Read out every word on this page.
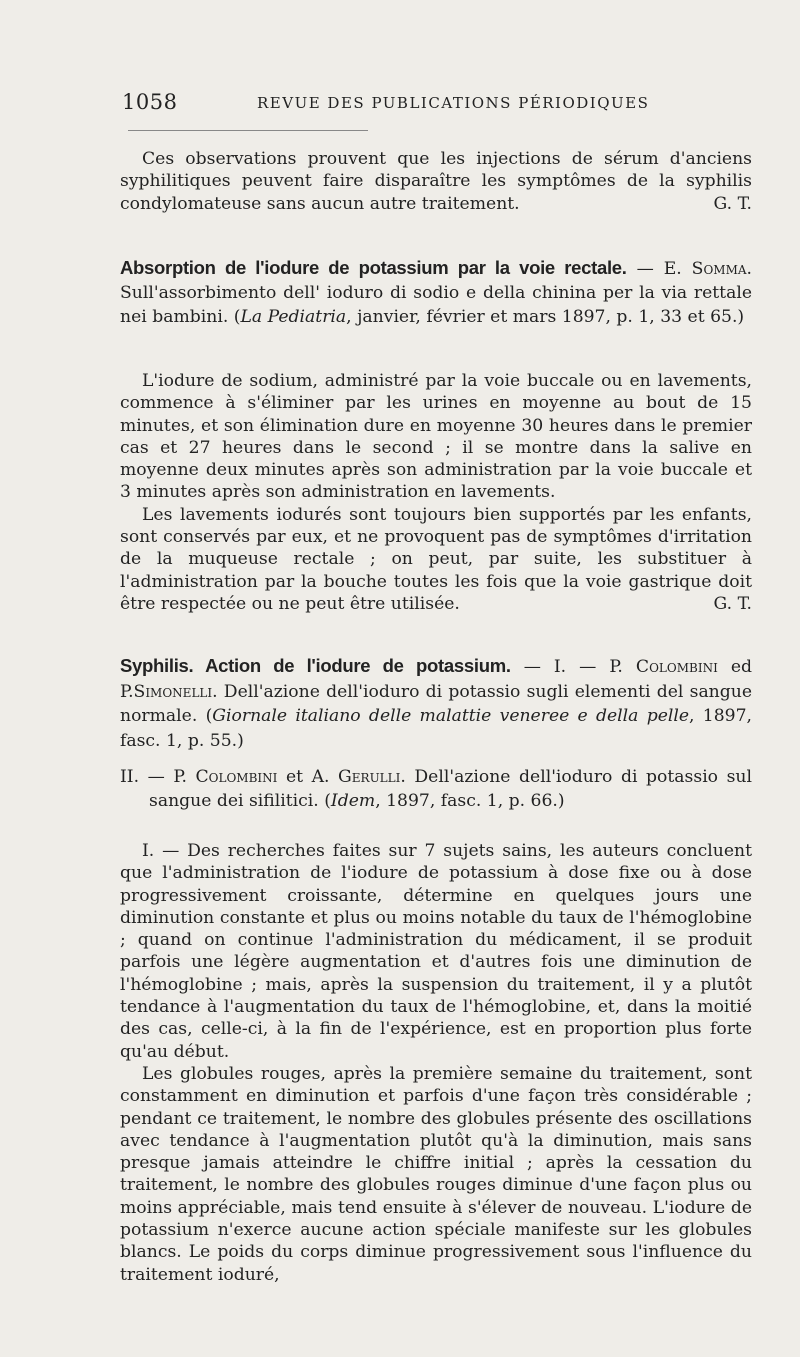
1058	REVUE DES PUBLICATIONS PÉRIODIQUES

Ces observations prouvent que les injections de sérum d'anciens syphilitiques peuvent faire disparaître les symptômes de la syphilis condylomateuse sans aucun autre traitement.	G. T.

Absorption de l'iodure de potassium par la voie rectale. — E. Somma. Sull'assorbimento dell' ioduro di sodio e della chinina per la via rettale nei bambini. (La Pediatria, janvier, février et mars 1897, p. 1, 33 et 65.)

L'iodure de sodium, administré par la voie buccale ou en lavements, commence à s'éliminer par les urines en moyenne au bout de 15 minutes, et son élimination dure en moyenne 30 heures dans le premier cas et 27 heures dans le second ; il se montre dans la salive en moyenne deux minutes après son administration par la voie buccale et 3 minutes après son administration en lavements.

Les lavements iodurés sont toujours bien supportés par les enfants, sont conservés par eux, et ne provoquent pas de symptômes d'irritation de la muqueuse rectale ; on peut, par suite, les substituer à l'administration par la bouche toutes les fois que la voie gastrique doit être respectée ou ne peut être utilisée.	G. T.

Syphilis. Action de l'iodure de potassium. — I. — P. Colombini ed P.Simonelli. Dell'azione dell'ioduro di potassio sugli elementi del sangue normale. (Giornale italiano delle malattie veneree e della pelle, 1897, fasc. 1, p. 55.)

II. — P. Colombini et A. Gerulli. Dell'azione dell'ioduro di potassio sul sangue dei sifilitici. (Idem, 1897, fasc. 1, p. 66.)

I. — Des recherches faites sur 7 sujets sains, les auteurs concluent que l'administration de l'iodure de potassium à dose fixe ou à dose progressivement croissante, détermine en quelques jours une diminution constante et plus ou moins notable du taux de l'hémoglobine ; quand on continue l'administration du médicament, il se produit parfois une légère augmentation et d'autres fois une diminution de l'hémoglobine ; mais, après la suspension du traitement, il y a plutôt tendance à l'augmentation du taux de l'hémoglobine, et, dans la moitié des cas, celle-ci, à la fin de l'expérience, est en proportion plus forte qu'au début.

Les globules rouges, après la première semaine du traitement, sont constamment en diminution et parfois d'une façon très considérable ; pendant ce traitement, le nombre des globules présente des oscillations avec tendance à l'augmentation plutôt qu'à la diminution, mais sans presque jamais atteindre le chiffre initial ; après la cessation du traitement, le nombre des globules rouges diminue d'une façon plus ou moins appréciable, mais tend ensuite à s'élever de nouveau. L'iodure de potassium n'exerce aucune action spéciale manifeste sur les globules blancs. Le poids du corps diminue progressivement sous l'influence du traitement ioduré,
